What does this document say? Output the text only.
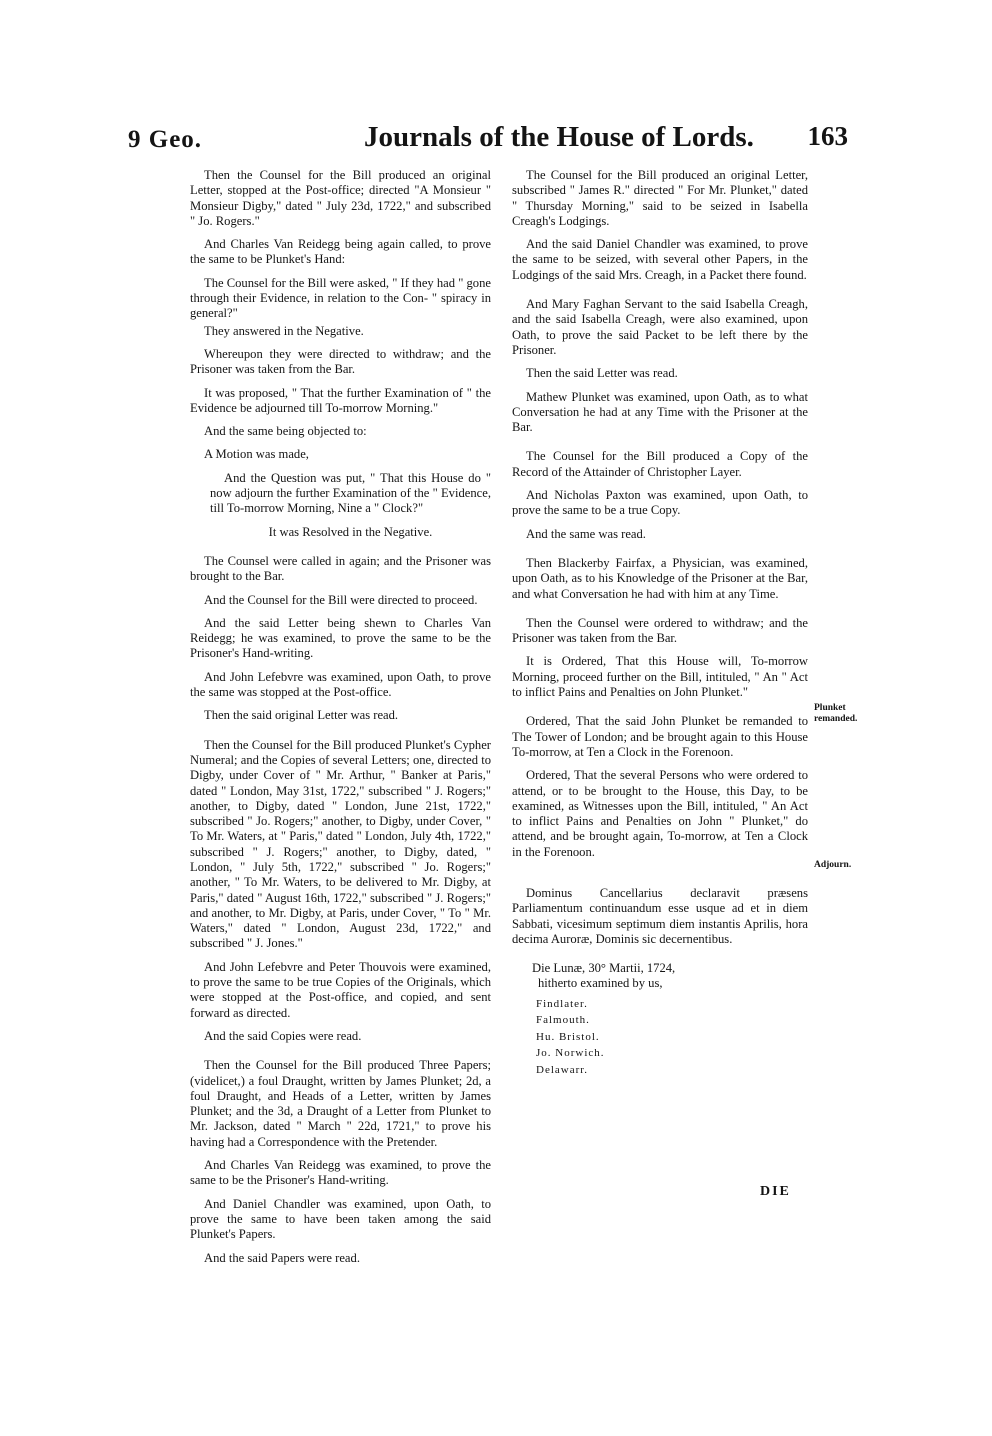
9 Geo.	Journals of the House of Lords. 163

Then the Counsel for the Bill produced an original Letter, stopped at the Post-office; directed "A Monsieur " Monsieur Digby," dated " July 23d, 1722," and subscribed " Jo. Rogers."

And Charles Van Reidegg being again called, to prove the same to be Plunket's Hand:

The Counsel for the Bill were asked, " If they had " gone through their Evidence, in relation to the Con- " spiracy in general?"

They answered in the Negative.

Whereupon they were directed to withdraw; and the Prisoner was taken from the Bar.

It was proposed, " That the further Examination of " the Evidence be adjourned till To-morrow Morning."

And the same being objected to:

A Motion was made,

And the Question was put, " That this House do " now adjourn the further Examination of the " Evidence, till To-morrow Morning, Nine a " Clock?"

It was Resolved in the Negative.

The Counsel were called in again; and the Prisoner was brought to the Bar.

And the Counsel for the Bill were directed to proceed.

And the said Letter being shewn to Charles Van Reidegg; he was examined, to prove the same to be the Prisoner's Hand-writing.

And John Lefebvre was examined, upon Oath, to prove the same was stopped at the Post-office.

Then the said original Letter was read.

Then the Counsel for the Bill produced Plunket's Cypher Numeral; and the Copies of several Letters; one, directed to Digby, under Cover of " Mr. Arthur, " Banker at Paris," dated " London, May 31st, 1722," subscribed " J. Rogers;" another, to Digby, dated " London, June 21st, 1722," subscribed " Jo. Rogers;" another, to Digby, under Cover, " To Mr. Waters, at " Paris," dated " London, July 4th, 1722," subscribed " J. Rogers;" another, to Digby, dated, " London, " July 5th, 1722," subscribed " Jo. Rogers;" another, " To Mr. Waters, to be delivered to Mr. Digby, at Paris," dated " August 16th, 1722," subscribed " J. Rogers;" and another, to Mr. Digby, at Paris, under Cover, " To " Mr. Waters," dated " London, August 23d, 1722," and subscribed " J. Jones."

And John Lefebvre and Peter Thouvois were examined, to prove the same to be true Copies of the Originals, which were stopped at the Post-office, and copied, and sent forward as directed.

And the said Copies were read.

Then the Counsel for the Bill produced Three Papers; (videlicet,) a foul Draught, written by James Plunket; 2d, a foul Draught, and Heads of a Letter, written by James Plunket; and the 3d, a Draught of a Letter from Plunket to Mr. Jackson, dated " March " 22d, 1721," to prove his having had a Correspondence with the Pretender.

And Charles Van Reidegg was examined, to prove the same to be the Prisoner's Hand-writing.

And Daniel Chandler was examined, upon Oath, to prove the same to have been taken among the said Plunket's Papers.

And the said Papers were read.

The Counsel for the Bill produced an original Letter, subscribed " James R." directed " For Mr. Plunket," dated " Thursday Morning," said to be seized in Isabella Creagh's Lodgings.

And the said Daniel Chandler was examined, to prove the same to be seized, with several other Papers, in the Lodgings of the said Mrs. Creagh, in a Packet there found.

And Mary Faghan Servant to the said Isabella Creagh, and the said Isabella Creagh, were also examined, upon Oath, to prove the said Packet to be left there by the Prisoner.

Then the said Letter was read.

Mathew Plunket was examined, upon Oath, as to what Conversation he had at any Time with the Prisoner at the Bar.

The Counsel for the Bill produced a Copy of the Record of the Attainder of Christopher Layer.

And Nicholas Paxton was examined, upon Oath, to prove the same to be a true Copy.

And the same was read.

Then Blackerby Fairfax, a Physician, was examined, upon Oath, as to his Knowledge of the Prisoner at the Bar, and what Conversation he had with him at any Time.

Then the Counsel were ordered to withdraw; and the Prisoner was taken from the Bar.

It is Ordered, That this House will, To-morrow Morning, proceed further on the Bill, intituled, " An " Act to inflict Pains and Penalties on John Plunket."

Ordered, That the said John Plunket be remanded to The Tower of London; and be brought again to this House To-morrow, at Ten a Clock in the Forenoon.

Ordered, That the several Persons who were ordered to attend, or to be brought to the House, this Day, to be examined, as Witnesses upon the Bill, intituled, " An Act to inflict Pains and Penalties on John " Plunket," do attend, and be brought again, To-morrow, at Ten a Clock in the Forenoon.

Dominus Cancellarius declaravit præsens Parliamentum continuandum esse usque ad et in diem Sabbati, vicesimum septimum diem instantis Aprilis, hora decima Auroræ, Dominis sic decernentibus.

Die Lunæ, 30° Martii, 1724,
hitherto examined by us,
Findlater.
Falmouth.
Hu. Bristol.
Jo. Norwich.
Delawarr.
Plunket remanded.
Adjourn.
DIE
